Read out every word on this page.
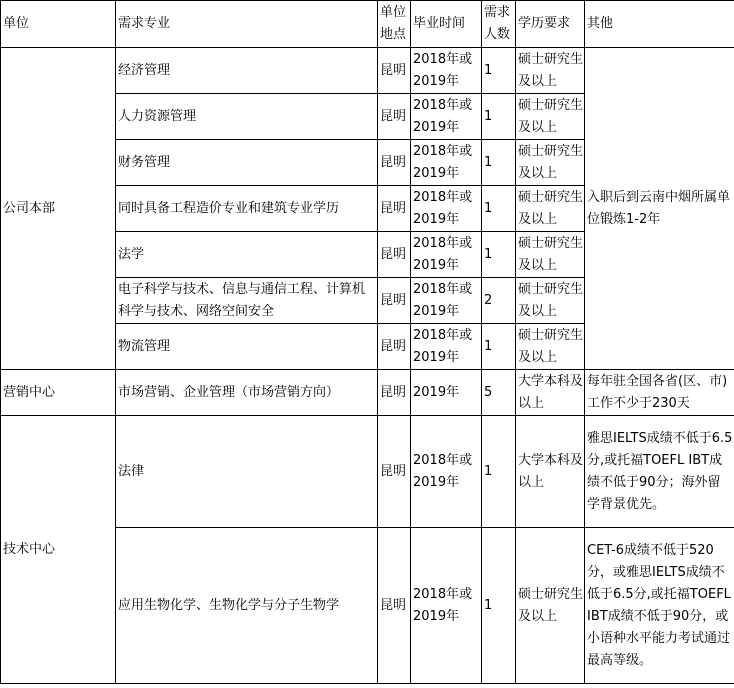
单位	需求专业	单位地点	毕业时间	需求人数	学历要求	其他
公司本部	经济管理	昆明	2018年或2019年	1	硕士研究生及以上	入职后到云南中烟所属单位锻炼1-2年
	人力资源管理	昆明	2018年或2019年	1	硕士研究生及以上	
	财务管理	昆明	2018年或2019年	1	硕士研究生及以上	
	同时具备工程造价专业和建筑专业学历	昆明	2018年或2019年	1	硕士研究生及以上	
	法学	昆明	2018年或2019年	1	硕士研究生及以上	
	电子科学与技术、信息与通信工程、计算机科学与技术、网络空间安全	昆明	2018年或2019年	2	硕士研究生及以上	
	物流管理	昆明	2018年或2019年	1	硕士研究生及以上	
营销中心	市场营销、企业管理（市场营销方向）	昆明	2019年	5	大学本科及以上	每年驻全国各省(区、市)工作不少于230天
技术中心	法律	昆明	2018年或2019年	1	大学本科及以上	雅思IELTS成绩不低于6.5分,或托福TOEFL IBT成绩不低于90分；海外留学背景优先。
	应用生物化学、生物化学与分子生物学	昆明	2018年或2019年	1	硕士研究生及以上	CET-6成绩不低于520分，或雅思IELTS成绩不低于6.5分,或托福TOEFL IBT成绩不低于90分，或小语种水平能力考试通过最高等级。
